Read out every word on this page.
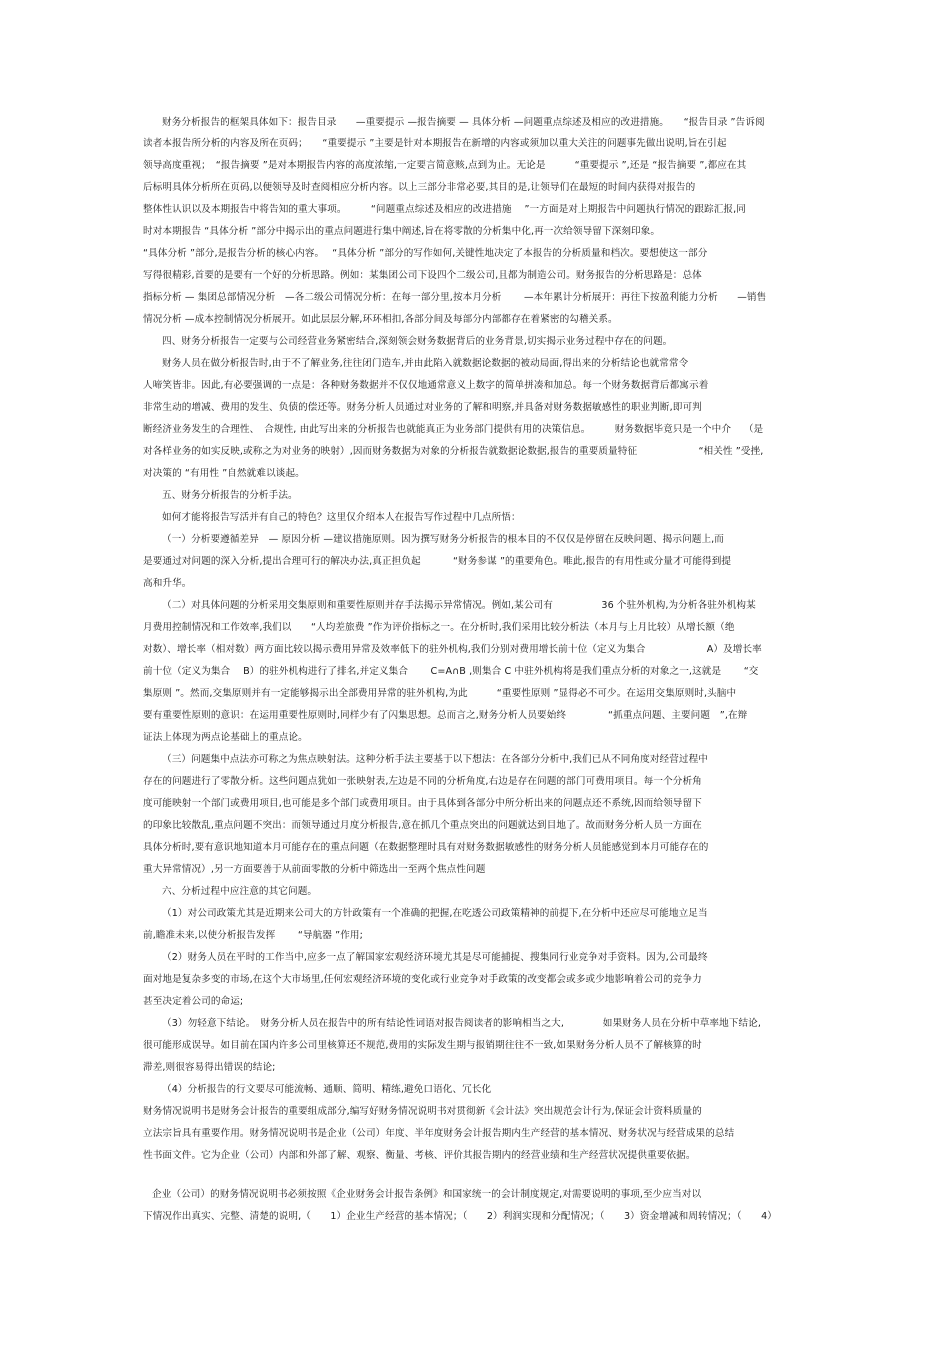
财务分析报告的框架具体如下：报告目录　　—重要提示 —报告摘要 — 具体分析 —问题重点综述及相应的改进措施。　　“报告目录 ”告诉阅
读者本报告所分析的内容及所在页码；　　“重要提示 ”主要是针对本期报告在新增的内容或须加以重大关注的问题事先做出说明,旨在引起
领导高度重视；　“报告摘要 ”是对本期报告内容的高度浓缩,一定要言简意赅,点到为止。无论是　　　“重要提示 ”,还是 “报告摘要 ”,都应在其
后标明具体分析所在页码,以便领导及时查阅相应分析内容。以上三部分非常必要,其目的是,让领导们在最短的时间内获得对报告的
整体性认识以及本期报告中将告知的重大事项。　　　“问题重点综述及相应的改进措施　 ”一方面是对上期报告中问题执行情况的跟踪汇报,同
时对本期报告 “具体分析 ”部分中揭示出的重点问题进行集中阐述,旨在将零散的分析集中化,再一次给领导留下深刻印象。
“具体分析 ”部分,是报告分析的核心内容。　 “具体分析 ”部分的写作如何,关键性地决定了本报告的分析质量和档次。要想使这一部分
写得很精彩,首要的是要有一个好的分析思路。例如：某集团公司下设四个二级公司,且都为制造公司。财务报告的分析思路是：总体
指标分析 — 集团总部情况分析　—各二级公司情况分析：在每一部分里,按本月分析　　 —本年累计分析展开：再往下按盈利能力分析　　—销售
情况分析 —成本控制情况分析展开。如此层层分解,环环相扣,各部分间及每部分内部都存在着紧密的勾稽关系。
四、财务分析报告一定要与公司经营业务紧密结合,深刻领会财务数据背后的业务背景,切实揭示业务过程中存在的问题。
财务人员在做分析报告时,由于不了解业务,往往闭门造车,并由此陷入就数据论数据的被动局面,得出来的分析结论也就常常令
人啼笑皆非。因此,有必要强调的一点是：各种财务数据并不仅仅地通常意义上数字的简单拼凑和加总。每一个财务数据背后都寓示着
非常生动的增减、费用的发生、负债的偿还等。财务分析人员通过对业务的了解和明察,并具备对财务数据敏感性的职业判断,即可判
断经济业务发生的合理性、　合规性, 由此写出来的分析报告也就能真正为业务部门提供有用的决策信息。　　　财务数据毕竟只是一个中介　 （是
对各样业务的如实反映,或称之为对业务的映射）,因而财务数据为对象的分析报告就数据论数据,报告的重要质量特征　　　　　　 “相关性 ”受挫,
对决策的 “有用性 ”自然就难以谈起。
五、财务分析报告的分析手法。
如何才能将报告写活并有自己的特色？这里仅介绍本人在报告写作过程中几点所悟：
（一）分析要遵循差异　— 原因分析 —建议措施原则。因为撰写财务分析报告的根本目的不仅仅是停留在反映问题、揭示问题上,而
是要通过对问题的深入分析,提出合理可行的解决办法,真正担负起　　　 “财务参谋 ”的重要角色。唯此,报告的有用性或分量才可能得到提
高和升华。
（二）对具体问题的分析采用交集原则和重要性原则并存手法揭示异常情况。例如,某公司有　　　　　36 个驻外机构,为分析各驻外机构某
月费用控制情况和工作效率,我们以　　“人均差旅费 ”作为评价指标之一。在分析时,我们采用比较分析法（本月与上月比较）从增长额（绝
对数）、增长率（相对数）两方面比较以揭示费用异常及效率低下的驻外机构,我们分别对费用增长前十位（定义为集合　　　　　　 A）及增长率
前十位（定义为集合　 B）的驻外机构进行了排名,并定义集合　　 C=A∩B ,则集合 C 中驻外机构将是我们重点分析的对象之一,这就是　　 “交
集原则 ”。然而,交集原则并有一定能够揭示出全部费用异常的驻外机构,为此　　　“重要性原则 ”显得必不可少。在运用交集原则时,头脑中
要有重要性原则的意识：在运用重要性原则时,同样少有了闪集思想。总而言之,财务分析人员要始终　　　　 “抓重点问题、主要问题　”,在辩
证法上体现为两点论基础上的重点论。
（三）问题集中点法亦可称之为焦点映射法。这种分析手法主要基于以下想法：在各部分分析中,我们已从不同角度对经营过程中
存在的问题进行了零散分析。这些问题点犹如一张映射表,左边是不同的分析角度,右边是存在问题的部门可费用项目。每一个分析角
度可能映射一个部门或费用项目,也可能是多个部门或费用项目。由于具体到各部分中所分析出来的问题点还不系统,因而给领导留下
的印象比较散乱,重点问题不突出：而领导通过月度分析报告,意在抓几个重点突出的问题就达到目地了。故而财务分析人员一方面在
具体分析时,要有意识地知道本月可能存在的重点问题（在数据整理时具有对财务数据敏感性的财务分析人员能感觉到本月可能存在的
重大异常情况）,另一方面要善于从前面零散的分析中筛选出一至两个焦点性问题
六、分析过程中应注意的其它问题。
（1）对公司政策尤其是近期来公司大的方针政策有一个准确的把握,在吃透公司政策精神的前提下,在分析中还应尽可能地立足当
前,瞻准未来,以使分析报告发挥　　 “导航器 ”作用;
（2）财务人员在平时的工作当中,应多一点了解国家宏观经济环境尤其是尽可能捕捉、搜集同行业竞争对手资料。因为,公司最终
面对地是复杂多变的市场,在这个大市场里,任何宏观经济环境的变化或行业竞争对手政策的改变都会或多或少地影响着公司的竞争力
甚至决定着公司的命运;
（3）勿轻意下结论。　财务分析人员在报告中的所有结论性词语对报告阅读者的影响相当之大,　　　　如果财务人员在分析中草率地下结论,
很可能形成误导。如目前在国内许多公司里核算还不规范,费用的实际发生期与报销期往往不一致,如果财务分析人员不了解核算的时
滞差,则很容易得出错误的结论;
（4）分析报告的行文要尽可能流畅、通顺、简明、精练,避免口语化、冗长化
财务情况说明书是财务会计报告的重要组成部分,编写好财务情况说明书对贯彻新《会计法》突出规范会计行为,保证会计资料质量的
立法宗旨具有重要作用。财务情况说明书是企业（公司）年度、半年度财务会计报告期内生产经营的基本情况、财务状况与经营成果的总结
性书面文件。它为企业（公司）内部和外部了解、观察、衡量、考核、评价其报告期内的经营业绩和生产经营状况提供重要依据。
企业（公司）的财务情况说明书必须按照《企业财务会计报告条例》和国家统一的会计制度规定,对需要说明的事项,至少应当对以
下情况作出真实、完整、清楚的说明,（　　1）企业生产经营的基本情况；（　　2）利润实现和分配情况；（　　3）资金增减和周转情况；（　　4）
